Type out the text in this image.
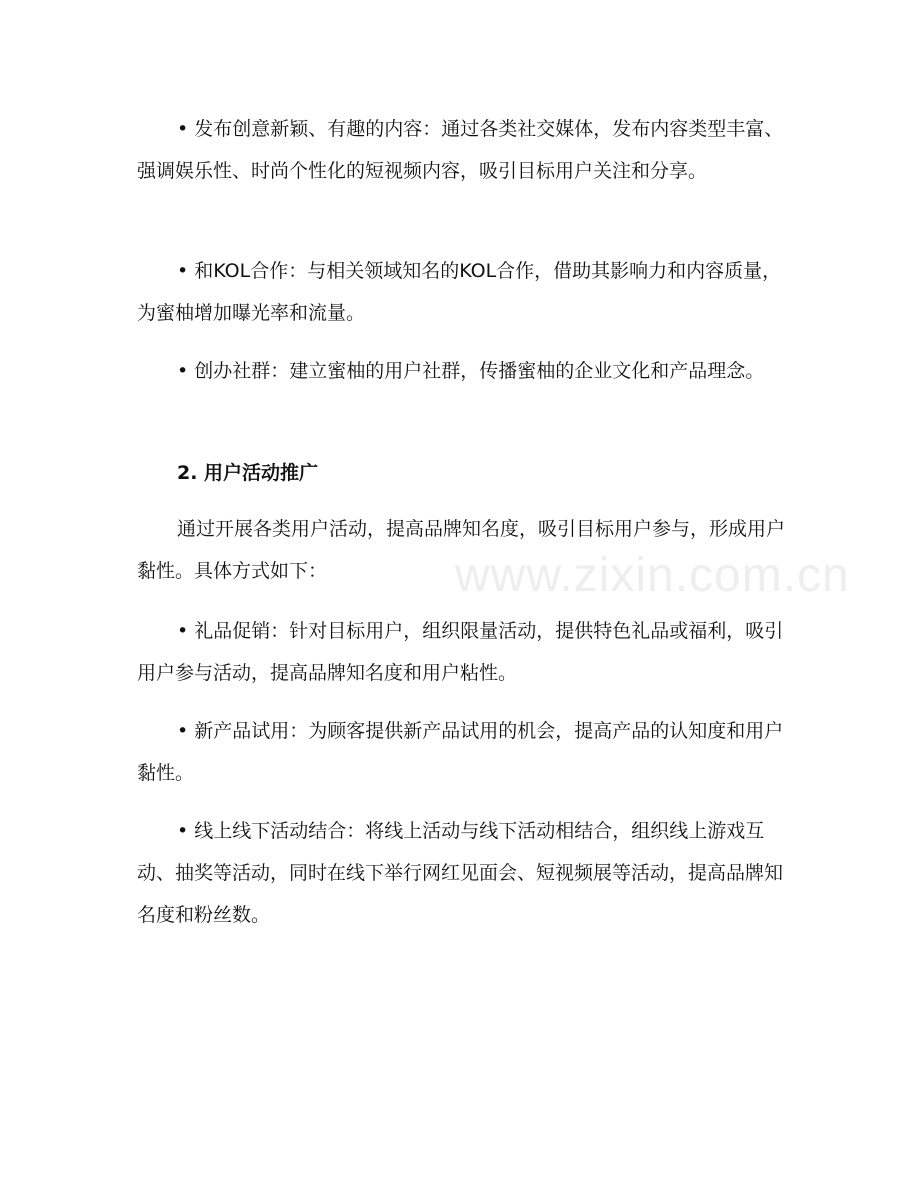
• 发布创意新颖、有趣的内容：通过各类社交媒体，发布内容类型丰富、强调娱乐性、时尚个性化的短视频内容，吸引目标用户关注和分享。

• 和KOL合作：与相关领域知名的KOL合作，借助其影响力和内容质量，为蜜柚增加曝光率和流量。

• 创办社群：建立蜜柚的用户社群，传播蜜柚的企业文化和产品理念。

2. 用户活动推广

通过开展各类用户活动，提高品牌知名度，吸引目标用户参与，形成用户黏性。具体方式如下：

• 礼品促销：针对目标用户，组织限量活动，提供特色礼品或福利，吸引用户参与活动，提高品牌知名度和用户粘性。

• 新产品试用：为顾客提供新产品试用的机会，提高产品的认知度和用户黏性。

• 线上线下活动结合：将线上活动与线下活动相结合，组织线上游戏互动、抽奖等活动，同时在线下举行网红见面会、短视频展等活动，提高品牌知名度和粉丝数。

www.zixin.com.cn
